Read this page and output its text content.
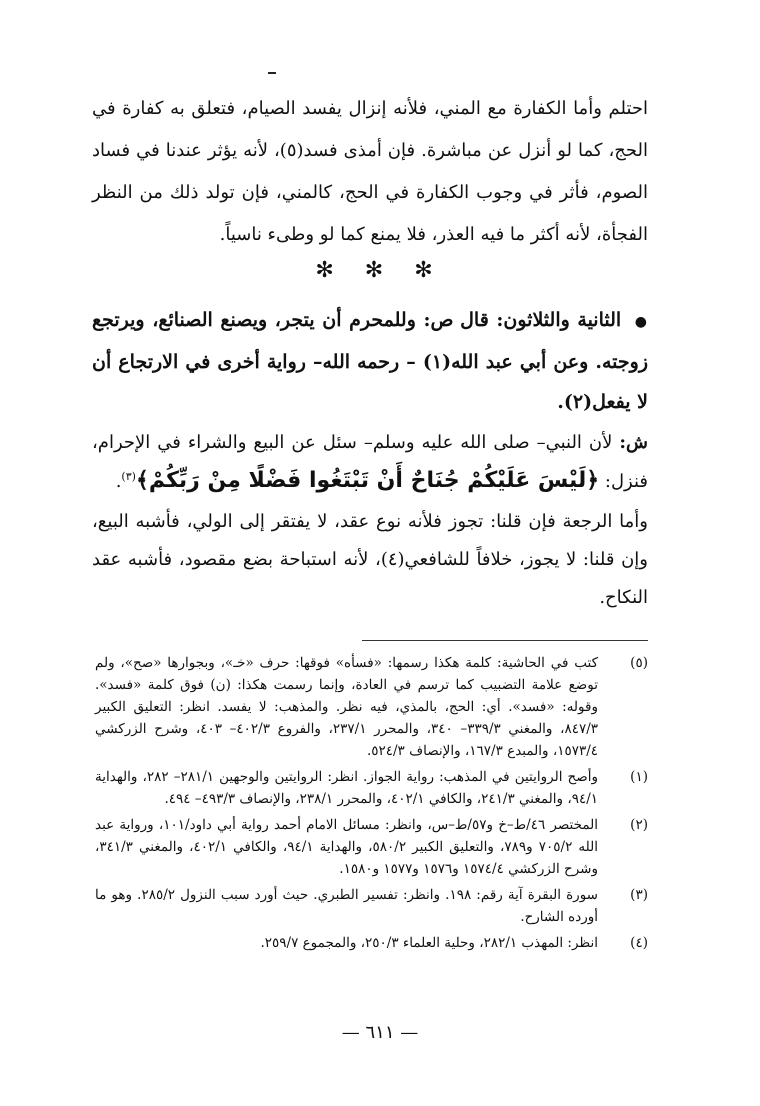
احتلم وأما الكفارة مع المني، فلأنه إنزال يفسد الصيام، فتعلق به كفارة في الحج، كما لو أنزل عن مباشرة. فإن أمذى فسد(٥)، لأنه يؤثر عندنا في فساد الصوم، فأثر في وجوب الكفارة في الحج، كالمني، فإن تولد ذلك من النظر الفجأة، لأنه أكثر ما فيه العذر، فلا يمنع كما لو وطىء ناسياً.

✻ ✻ ✻

● الثانية والثلاثون: قال ص: وللمحرم أن يتجر، ويصنع الصنائع، ويرتجع زوجته. وعن أبي عبد الله(١) – رحمه الله– رواية أخرى في الارتجاع أن لا يفعل(٢).

ش: لأن النبي– صلى الله عليه وسلم– سئل عن البيع والشراء في الإحرام، فنزل: ﴿لَيْسَ عَلَيْكُمْ جُنَاحٌ أَنْ تَبْتَغُوا فَضْلًا مِنْ رَبِّكُمْ﴾$^{(٣)}$.

وأما الرجعة فإن قلنا: تجوز فلأنه نوع عقد، لا يفتقر إلى الولي، فأشبه البيع، وإن قلنا: لا يجوز، خلافاً للشافعي(٤)، لأنه استباحة بضع مقصود، فأشبه عقد النكاح.

(٥)
كتب في الحاشية: كلمة هكذا رسمها: «فسأه» فوقها: حرف «خـ»، وبجوارها «صح»، ولم توضع علامة التضبيب كما ترسم في العادة، وإنما رسمت هكذا: (ن) فوق كلمة «فسد». وقوله: «فسد». أي: الحج، بالمذي، فيه نظر. والمذهب: لا يفسد. انظر: التعليق الكبير ٨٤٧/٣، والمغني ٣٣٩/٣– ٣٤٠، والمحرر ٢٣٧/١، والفروع ٤٠٢/٣– ٤٠٣، وشرح الزركشي ١٥٧٣/٤، والمبدع ١٦٧/٣، والإنصاف ٥٢٤/٣.
(١)
وأصح الروايتين في المذهب: رواية الجواز. انظر: الروايتين والوجهين ٢٨١/١– ٢٨٢، والهداية ٩٤/١، والمغني ٢٤١/٣، والكافي ٤٠٢/١، والمحرر ٢٣٨/١، والإنصاف ٤٩٣/٣– ٤٩٤.
(٢)
المختصر ٤٦/ط–خ و٥٧/ط–س، وانظر: مسائل الامام أحمد رواية أبي داود/١٠١، ورواية عبد الله ٧٠٥/٢ و٧٨٩، والتعليق الكبير ٥٨٠/٢، والهداية ٩٤/١، والكافي ٤٠٢/١، والمغني ٣٤١/٣، وشرح الزركشي ١٥٧٤/٤ و١٥٧٦ و١٥٧٧ و١٥٨٠.
(٣)
سورة البقرة آية رقم: ١٩٨. وانظر: تفسير الطبري. حيث أورد سبب النزول ٢٨٥/٢. وهو ما أورده الشارح.
(٤)
انظر: المهذب ٢٨٢/١، وحلية العلماء ٢٥٠/٣، والمجموع ٢٥٩/٧.
— ٦١١ —
